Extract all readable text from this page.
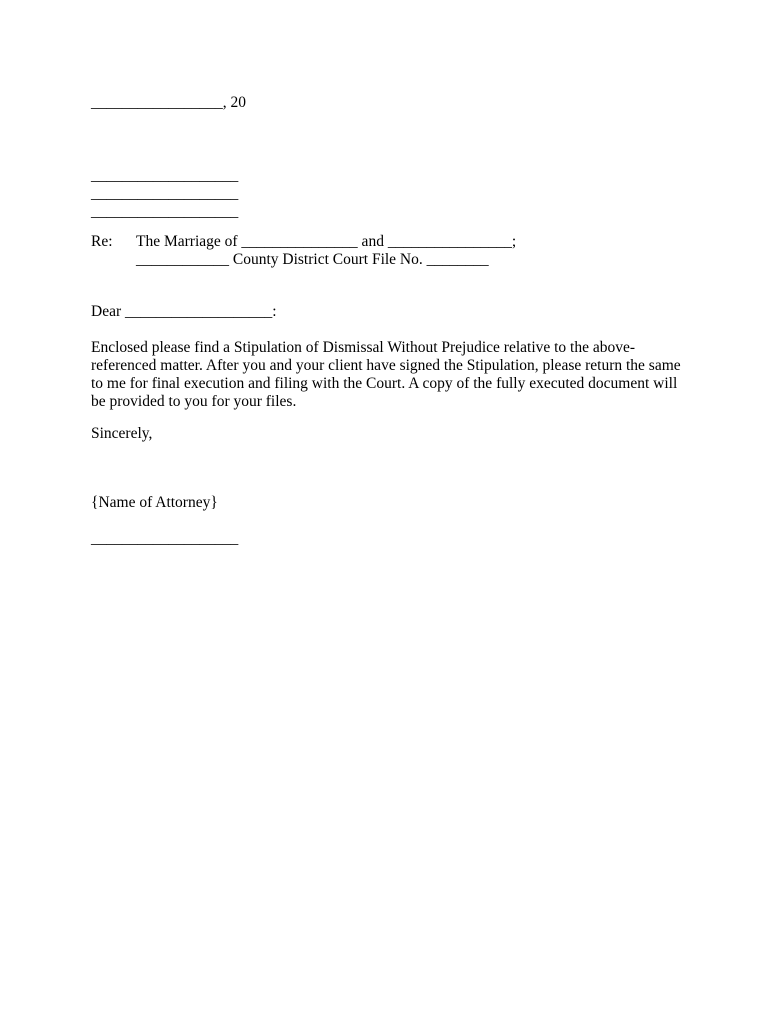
_________________, 20
___________________
___________________
___________________
Re: The Marriage of _______________ and ________________;
____________ County District Court File No. ________
Dear ___________________:
Enclosed please find a Stipulation of Dismissal Without Prejudice relative to the above-referenced matter. After you and your client have signed the Stipulation, please return the same to me for final execution and filing with the Court. A copy of the fully executed document will be provided to you for your files.
Sincerely,
{Name of Attorney}
___________________
